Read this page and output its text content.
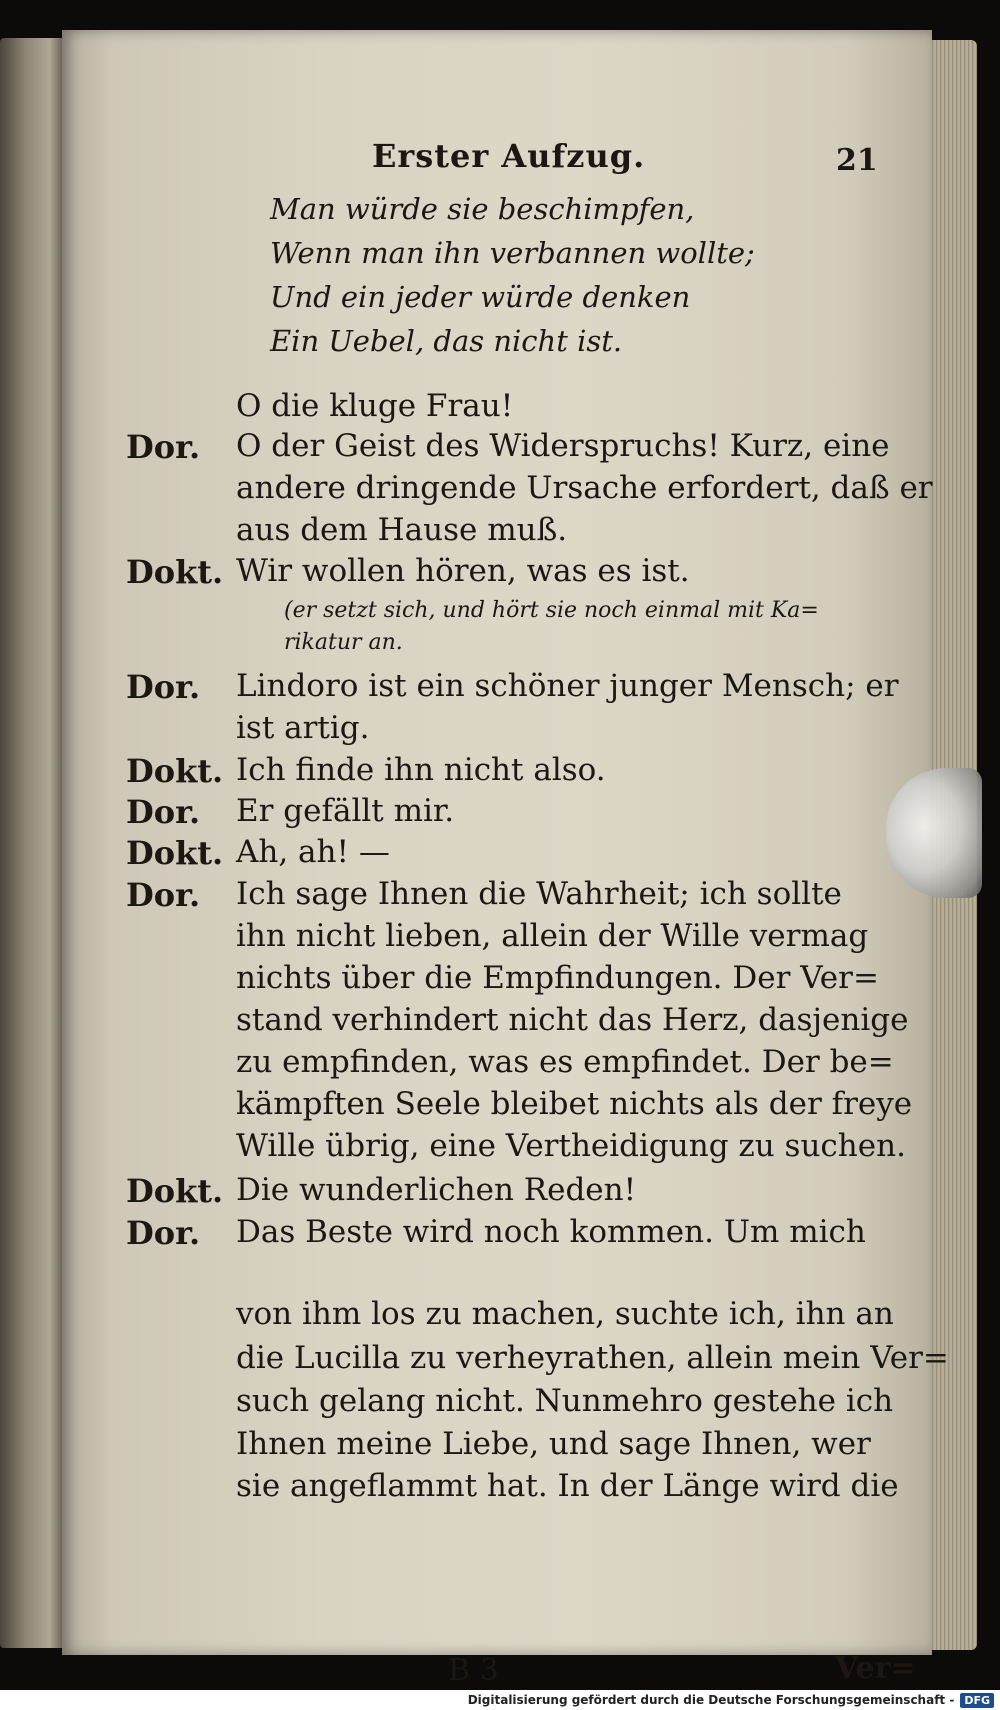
Erster Aufzug.	21
Man würde sie beschimpfen,
Wenn man ihn verbannen wollte;
Und ein jeder würde denken
Ein Uebel, das nicht ist.
O die kluge Frau!
Dor. O der Geist des Widerspruchs! Kurz, eine
andere dringende Ursache erfordert, daß er
aus dem Hause muß.
Dokt. Wir wollen hören, was es ist.
(er setzt sich, und hört sie noch einmal mit Ka=
rikatur an.
Dor. Lindoro ist ein schöner junger Mensch; er
ist artig.
Dokt. Ich finde ihn nicht also.
Dor. Er gefällt mir.
Dokt. Ah, ah! —
Dor. Ich sage Ihnen die Wahrheit; ich sollte
ihn nicht lieben, allein der Wille vermag
nichts über die Empfindungen. Der Ver=
stand verhindert nicht das Herz, dasjenige
zu empfinden, was es empfindet. Der be=
kämpften Seele bleibet nichts als der freye
Wille übrig, eine Vertheidigung zu suchen.
Dokt. Die wunderlichen Reden!
Dor. Das Beste wird noch kommen. Um mich
von ihm los zu machen, suchte ich, ihn an
die Lucilla zu verheyrathen, allein mein Ver=
such gelang nicht. Nunmehro gestehe ich
Ihnen meine Liebe, und sage Ihnen, wer
sie angeflammt hat. In der Länge wird die
B 3	Ver=
Digitalisierung gefördert durch die Deutsche Forschungsgemeinschaft - DFG
